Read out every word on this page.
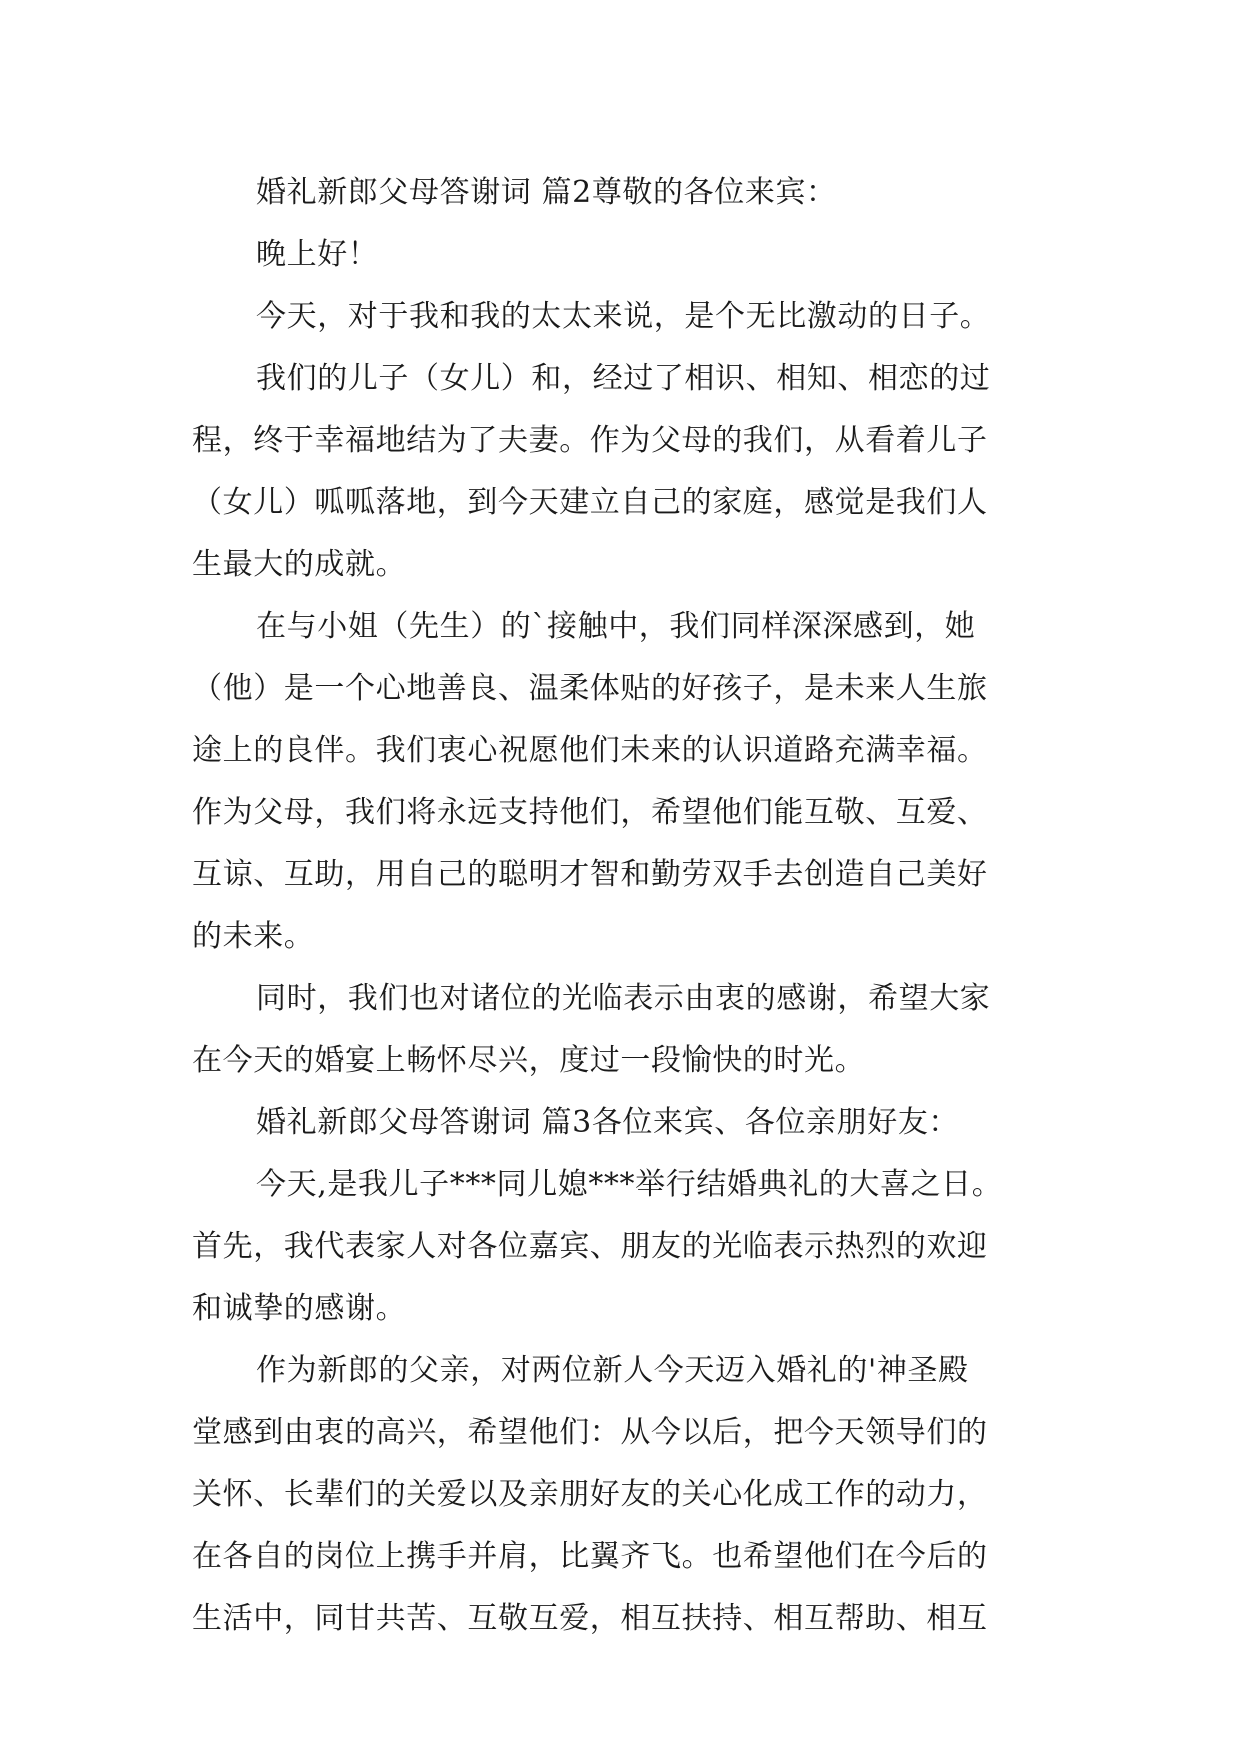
婚礼新郎父母答谢词 篇2尊敬的各位来宾：
晚上好！
今天，对于我和我的太太来说，是个无比激动的日子。
我们的儿子（女儿）和，经过了相识、相知、相恋的过
程，终于幸福地结为了夫妻。作为父母的我们，从看着儿子
（女儿）呱呱落地，到今天建立自己的家庭，感觉是我们人
生最大的成就。
在与小姐（先生）的`接触中，我们同样深深感到，她
（他）是一个心地善良、温柔体贴的好孩子，是未来人生旅
途上的良伴。我们衷心祝愿他们未来的认识道路充满幸福。
作为父母，我们将永远支持他们，希望他们能互敬、互爱、
互谅、互助，用自己的聪明才智和勤劳双手去创造自己美好
的未来。
同时，我们也对诸位的光临表示由衷的感谢，希望大家
在今天的婚宴上畅怀尽兴，度过一段愉快的时光。
婚礼新郎父母答谢词 篇3各位来宾、各位亲朋好友：
今天,是我儿子***同儿媳***举行结婚典礼的大喜之日。
首先，我代表家人对各位嘉宾、朋友的光临表示热烈的欢迎
和诚挚的感谢。
作为新郎的父亲，对两位新人今天迈入婚礼的'神圣殿
堂感到由衷的高兴，希望他们：从今以后，把今天领导们的
关怀、长辈们的关爱以及亲朋好友的关心化成工作的动力，
在各自的岗位上携手并肩，比翼齐飞。也希望他们在今后的
生活中，同甘共苦、互敬互爱，相互扶持、相互帮助、相互
